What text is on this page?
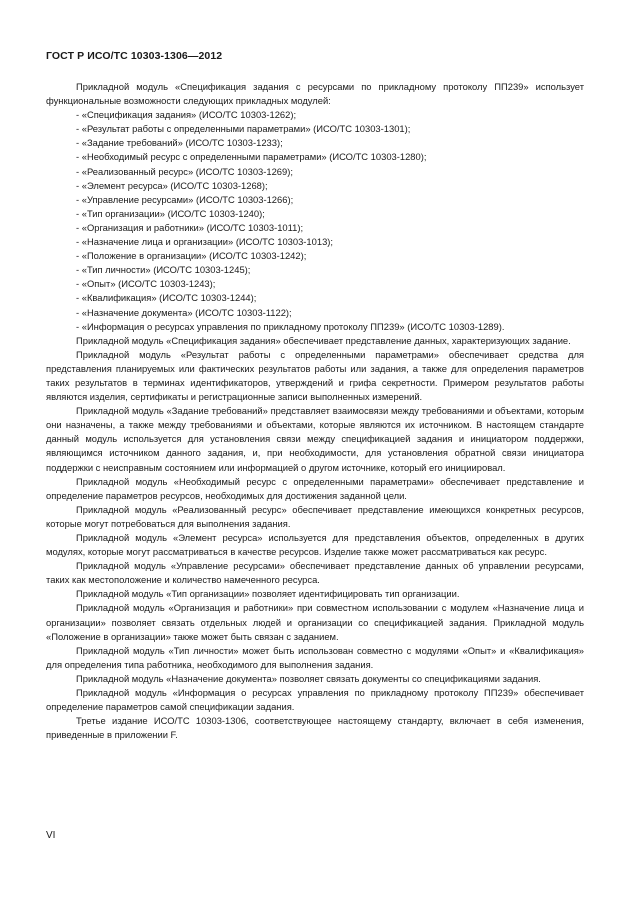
ГОСТ Р ИСО/ТС 10303-1306—2012

Прикладной модуль «Спецификация задания с ресурсами по прикладному протоколу ПП239» использует функциональные возможности следующих прикладных модулей:

- «Спецификация задания» (ИСО/ТС 10303-1262);
- «Результат работы с определенными параметрами» (ИСО/ТС 10303-1301);
- «Задание требований» (ИСО/ТС 10303-1233);
- «Необходимый ресурс с определенными параметрами» (ИСО/ТС 10303-1280);
- «Реализованный ресурс» (ИСО/ТС 10303-1269);
- «Элемент ресурса» (ИСО/ТС 10303-1268);
- «Управление ресурсами» (ИСО/ТС 10303-1266);
- «Тип организации» (ИСО/ТС 10303-1240);
- «Организация и работники» (ИСО/ТС 10303-1011);
- «Назначение лица и организации» (ИСО/ТС 10303-1013);
- «Положение в организации» (ИСО/ТС 10303-1242);
- «Тип личности» (ИСО/ТС 10303-1245);
- «Опыт» (ИСО/ТС 10303-1243);
- «Квалификация» (ИСО/ТС 10303-1244);
- «Назначение документа» (ИСО/ТС 10303-1122);
- «Информация о ресурсах управления по прикладному протоколу ПП239» (ИСО/ТС 10303-1289).

Прикладной модуль «Спецификация задания» обеспечивает представление данных, характеризующих задание.

Прикладной модуль «Результат работы с определенными параметрами» обеспечивает средства для представления планируемых или фактических результатов работы или задания, а также для определения параметров таких результатов в терминах идентификаторов, утверждений и грифа секретности. Примером результатов работы являются изделия, сертификаты и регистрационные записи выполненных измерений.

Прикладной модуль «Задание требований» представляет взаимосвязи между требованиями и объектами, которым они назначены, а также между требованиями и объектами, которые являются их источником. В настоящем стандарте данный модуль используется для установления связи между спецификацией задания и инициатором поддержки, являющимся источником данного задания, и, при необходимости, для установления обратной связи инициатора поддержки с неисправным состоянием или информацией о другом источнике, который его инициировал.

Прикладной модуль «Необходимый ресурс с определенными параметрами» обеспечивает представление и определение параметров ресурсов, необходимых для достижения заданной цели.

Прикладной модуль «Реализованный ресурс» обеспечивает представление имеющихся конкретных ресурсов, которые могут потребоваться для выполнения задания.

Прикладной модуль «Элемент ресурса» используется для представления объектов, определенных в других модулях, которые могут рассматриваться в качестве ресурсов. Изделие также может рассматриваться как ресурс.

Прикладной модуль «Управление ресурсами» обеспечивает представление данных об управлении ресурсами, таких как местоположение и количество намеченного ресурса.

Прикладной модуль «Тип организации» позволяет идентифицировать тип организации.

Прикладной модуль «Организация и работники» при совместном использовании с модулем «Назначение лица и организации» позволяет связать отдельных людей и организации со спецификацией задания. Прикладной модуль «Положение в организации» также может быть связан с заданием.

Прикладной модуль «Тип личности» может быть использован совместно с модулями «Опыт» и «Квалификация» для определения типа работника, необходимого для выполнения задания.

Прикладной модуль «Назначение документа» позволяет связать документы со спецификациями задания.

Прикладной модуль «Информация о ресурсах управления по прикладному протоколу ПП239» обеспечивает определение параметров самой спецификации задания.

Третье издание ИСО/ТС 10303-1306, соответствующее настоящему стандарту, включает в себя изменения, приведенные в приложении F.

VI
